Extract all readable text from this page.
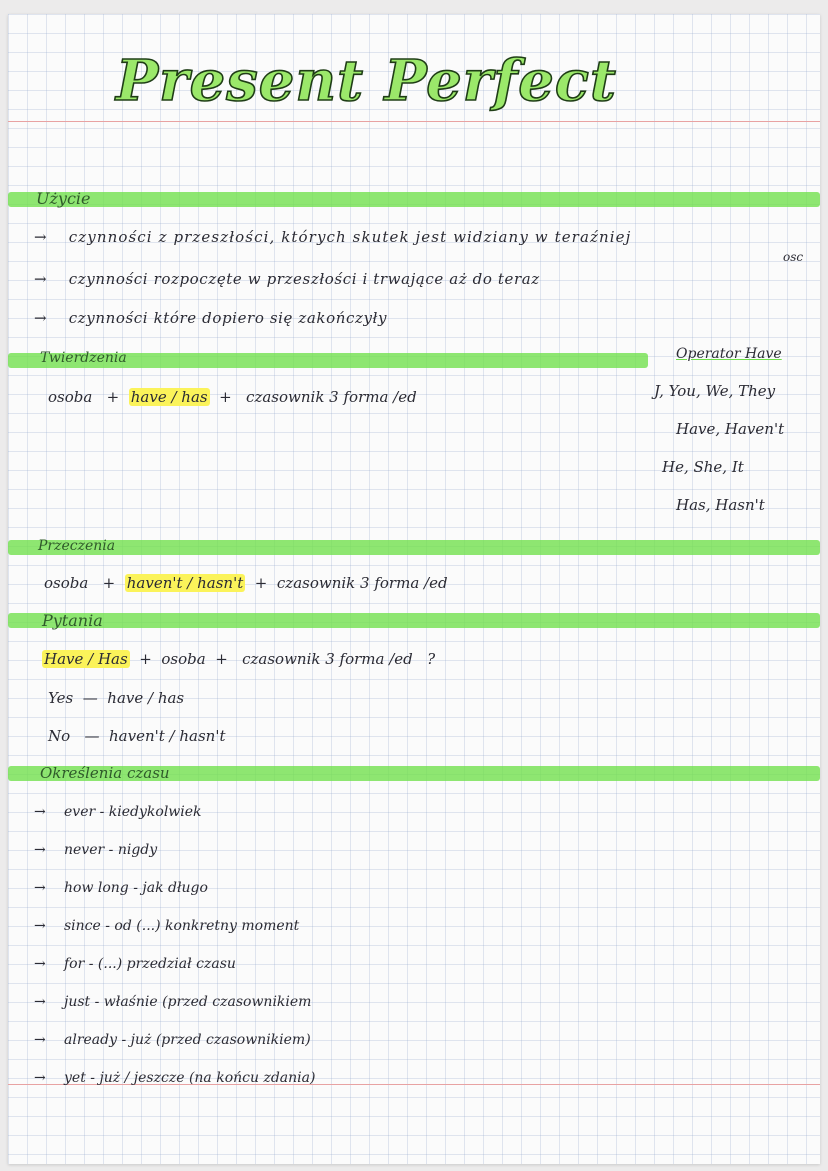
Present Perfect
Użycie
→ czynności z przeszłości, których skutek jest widziany w teraźniej
osc
→ czynności rozpoczęte w przeszłości i trwające aż do teraz
→ czynności które dopiero się zakończyły
Twierdzenia
osoba + have / has + czasownik 3 forma /ed
Operator Have
J, You, We, They
Have, Haven't
He, She, It
Has, Hasn't
Przeczenia
osoba + haven't / hasn't + czasownik 3 forma /ed
Pytania
Have / Has + osoba + czasownik 3 forma /ed ?
Yes — have / has
No — haven't / hasn't
Określenia czasu
→ ever - kiedykolwiek
→ never - nigdy
→ how long - jak długo
→ since - od (...) konkretny moment
→ for - (...) przedział czasu
→ just - właśnie (przed czasownikiem
→ already - już (przed czasownikiem)
→ yet - już / jeszcze (na końcu zdania)
